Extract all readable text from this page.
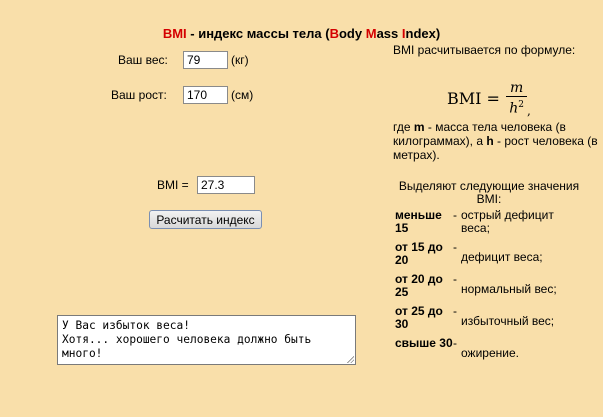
BMI - индекс массы тела (Body Mass Index)
Ваш вес:
79	(кг)
Ваш рост:
170	(см)
BMI =
27.3
Расчитать индекс
У Вас избыток веса!
Хотя... хорошего человека должно быть много!
BMI расчитывается по формуле:
BMI = $\frac{m}{h^2}$ ,
где m - масса тела человека (в килограммах), а h - рост человека (в метрах).
Выделяют следующие значения BMI:
меньше 15	-	острый дефицит веса;
от 15 до 20	-	дефицит веса;
от 20 до 25	-	нормальный вес;
от 25 до 30	-	избыточный вес;
свыше 30	-	ожирение.
